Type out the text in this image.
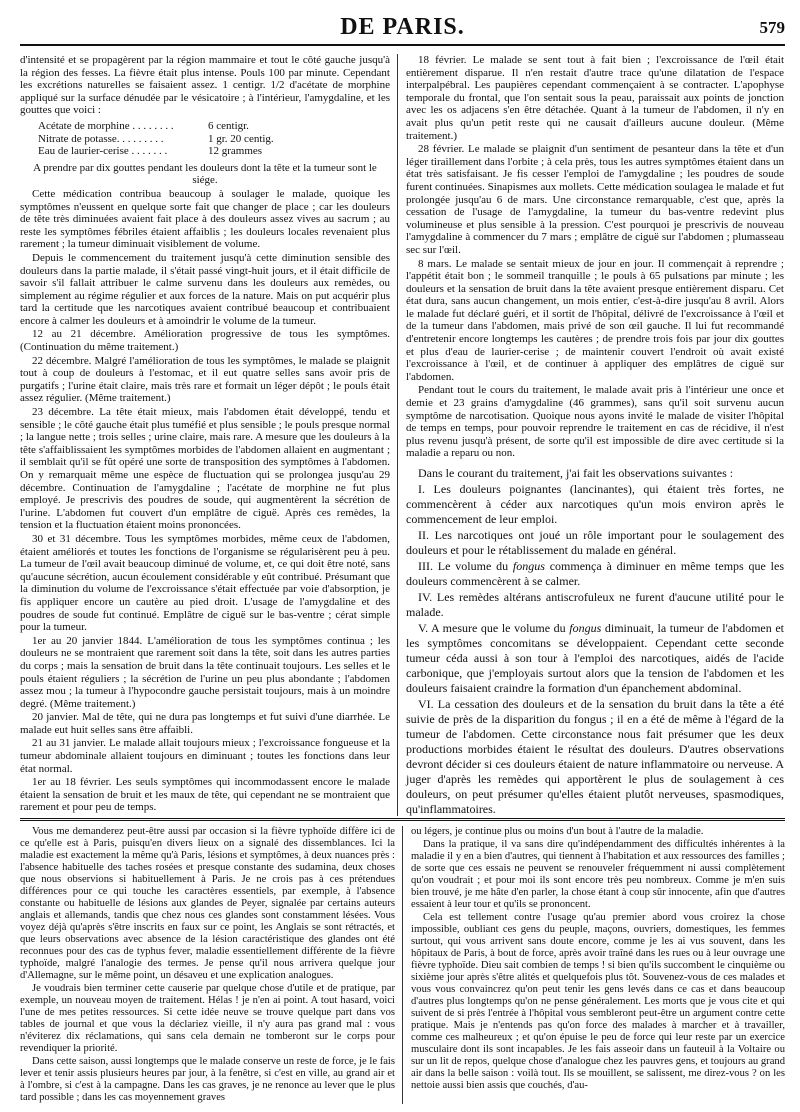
DE PARIS.	579

d'intensité et se propagèrent par la région mammaire et tout le côté gauche jusqu'à la région des fesses. La fièvre était plus intense. Pouls 100 par minute. Cependant les excrétions naturelles se faisaient assez. 1 centigr. 1/2 d'acétate de morphine appliqué sur la surface dénudée par le vésicatoire ; à l'intérieur, l'amygdaline, et les gouttes que voici :

Acétate de morphine . . . . . . . .	6 centigr.
Nitrate de potasse. . . . . . . . .	1 gr. 20 centig.
Eau de laurier-cerise . . . . . . .	12 grammes

A prendre par dix gouttes pendant les douleurs dont la tête et la tumeur sont le siége.

Cette médication contribua beaucoup à soulager le malade, quoique les symptômes n'eussent en quelque sorte fait que changer de place ; car les douleurs de tête très diminuées avaient fait place à des douleurs assez vives au sacrum ; au reste les symptômes fébriles étaient affaiblis ; les douleurs locales revenaient plus rarement ; la tumeur diminuait visiblement de volume.

Depuis le commencement du traitement jusqu'à cette diminution sensible des douleurs dans la partie malade, il s'était passé vingt-huit jours, et il était difficile de savoir s'il fallait attribuer le calme survenu dans les douleurs aux remèdes, ou simplement au régime régulier et aux forces de la nature. Mais on put acquérir plus tard la certitude que les narcotiques avaient contribué beaucoup et contribuaient encore à calmer les douleurs et à amoindrir le volume de la tumeur.

12 au 21 décembre. Amélioration progressive de tous les symptômes. (Continuation du même traitement.)

22 décembre. Malgré l'amélioration de tous les symptômes, le malade se plaignit tout à coup de douleurs à l'estomac, et il eut quatre selles sans avoir pris de purgatifs ; l'urine était claire, mais très rare et formait un léger dépôt ; le pouls était assez régulier. (Même traitement.)

23 décembre. La tête était mieux, mais l'abdomen était développé, tendu et sensible ; le côté gauche était plus tuméfié et plus sensible ; le pouls presque normal ; la langue nette ; trois selles ; urine claire, mais rare. A mesure que les douleurs à la tête s'affaiblissaient les symptômes morbides de l'abdomen allaient en augmentant ; il semblait qu'il se fût opéré une sorte de transposition des symptômes à l'abdomen. On y remarquait même une espèce de fluctuation qui se prolongea jusqu'au 29 décembre. Continuation de l'amygdaline ; l'acétate de morphine ne fut plus employé. Je prescrivis des poudres de soude, qui augmentèrent la sécrétion de l'urine. L'abdomen fut couvert d'un emplâtre de ciguë. Après ces remèdes, la tension et la fluctuation étaient moins prononcées.

30 et 31 décembre. Tous les symptômes morbides, même ceux de l'abdomen, étaient améliorés et toutes les fonctions de l'organisme se régularisèrent peu à peu. La tumeur de l'œil avait beaucoup diminué de volume, et, ce qui doit être noté, sans qu'aucune sécrétion, aucun écoulement considérable y eût contribué. Présumant que la diminution du volume de l'excroissance s'était effectuée par voie d'absorption, je fis appliquer encore un cautère au pied droit. L'usage de l'amygdaline et des poudres de soude fut continué. Emplâtre de ciguë sur le bas-ventre ; cérat simple pour la tumeur.

1er au 20 janvier 1844. L'amélioration de tous les symptômes continua ; les douleurs ne se montraient que rarement soit dans la tête, soit dans les autres parties du corps ; mais la sensation de bruit dans la tête continuait toujours. Les selles et le pouls étaient réguliers ; la sécrétion de l'urine un peu plus abondante ; l'abdomen assez mou ; la tumeur à l'hypocondre gauche persistait toujours, mais à un moindre degré. (Même traitement.)

20 janvier. Mal de tête, qui ne dura pas longtemps et fut suivi d'une diarrhée. Le malade eut huit selles sans être affaibli.

21 au 31 janvier. Le malade allait toujours mieux ; l'excroissance fongueuse et la tumeur abdominale allaient toujours en diminuant ; toutes les fonctions dans leur état normal.

1er au 18 février. Les seuls symptômes qui incommodassent encore le malade étaient la sensation de bruit et les maux de tête, qui cependant ne se montraient que rarement et pour peu de temps.

18 février. Le malade se sent tout à fait bien ; l'excroissance de l'œil était entièrement disparue. Il n'en restait d'autre trace qu'une dilatation de l'espace interpalpébral. Les paupières cependant commençaient à se contracter. L'apophyse temporale du frontal, que l'on sentait sous la peau, paraissait aux points de jonction avec les os adjacens s'en être détachée. Quant à la tumeur de l'abdomen, il n'y en avait plus qu'un petit reste qui ne causait d'ailleurs aucune douleur. (Même traitement.)

28 février. Le malade se plaignit d'un sentiment de pesanteur dans la tête et d'un léger tiraillement dans l'orbite ; à cela près, tous les autres symptômes étaient dans un état très satisfaisant. Je fis cesser l'emploi de l'amygdaline ; les poudres de soude furent continuées. Sinapismes aux mollets. Cette médication soulagea le malade et fut prolongée jusqu'au 6 de mars. Une circonstance remarquable, c'est que, après la cessation de l'usage de l'amygdaline, la tumeur du bas-ventre redevint plus volumineuse et plus sensible à la pression. C'est pourquoi je prescrivis de nouveau l'amygdaline à commencer du 7 mars ; emplâtre de ciguë sur l'abdomen ; plumasseau sec sur l'œil.

8 mars. Le malade se sentait mieux de jour en jour. Il commençait à reprendre ; l'appétit était bon ; le sommeil tranquille ; le pouls à 65 pulsations par minute ; les douleurs et la sensation de bruit dans la tête avaient presque entièrement disparu. Cet état dura, sans aucun changement, un mois entier, c'est-à-dire jusqu'au 8 avril. Alors le malade fut déclaré guéri, et il sortit de l'hôpital, délivré de l'excroissance à l'œil et de la tumeur dans l'abdomen, mais privé de son œil gauche. Il lui fut recommandé d'entretenir encore longtemps les cautères ; de prendre trois fois par jour dix gouttes et plus d'eau de laurier-cerise ; de maintenir couvert l'endroit où avait existé l'excroissance à l'œil, et de continuer à appliquer des emplâtres de ciguë sur l'abdomen.

Pendant tout le cours du traitement, le malade avait pris à l'intérieur une once et demie et 23 grains d'amygdaline (46 grammes), sans qu'il soit survenu aucun symptôme de narcotisation. Quoique nous ayons invité le malade de visiter l'hôpital de temps en temps, pour pouvoir reprendre le traitement en cas de récidive, il n'est plus revenu jusqu'à présent, de sorte qu'il est impossible de dire avec certitude si la maladie a reparu ou non.

Dans le courant du traitement, j'ai fait les observations suivantes :

I. Les douleurs poignantes (lancinantes), qui étaient très fortes, ne commencèrent à céder aux narcotiques qu'un mois environ après le commencement de leur emploi.

II. Les narcotiques ont joué un rôle important pour le soulagement des douleurs et pour le rétablissement du malade en général.

III. Le volume du fongus commença à diminuer en même temps que les douleurs commencèrent à se calmer.

IV. Les remèdes altérans antiscrofuleux ne furent d'aucune utilité pour le malade.

V. A mesure que le volume du fongus diminuait, la tumeur de l'abdomen et les symptômes concomitans se développaient. Cependant cette seconde tumeur céda aussi à son tour à l'emploi des narcotiques, aidés de l'acide carbonique, que j'employais surtout alors que la tension de l'abdomen et les douleurs faisaient craindre la formation d'un épanchement abdominal.

VI. La cessation des douleurs et de la sensation du bruit dans la tête a été suivie de près de la disparition du fongus ; il en a été de même à l'égard de la tumeur de l'abdomen. Cette circonstance nous fait présumer que les deux productions morbides étaient le résultat des douleurs. D'autres observations devront décider si ces douleurs étaient de nature inflammatoire ou nerveuse. A juger d'après les remèdes qui apportèrent le plus de soulagement à ces douleurs, on peut présumer qu'elles étaient plutôt nerveuses, spasmodiques, qu'inflammatoires.

Vous me demanderez peut-être aussi par occasion si la fièvre typhoïde diffère ici de ce qu'elle est à Paris, puisqu'en divers lieux on a signalé des dissemblances. Ici la maladie est exactement la même qu'à Paris, lésions et symptômes, à deux nuances près : l'absence habituelle des taches rosées et presque constante des sudamina, deux choses que nous observions si habituellement à Paris. Je ne crois pas à ces prétendues différences pour ce qui touche les caractères essentiels, par exemple, à l'absence constante ou habituelle de lésions aux glandes de Peyer, signalée par certains auteurs anglais et allemands, tandis que chez nous ces glandes sont constamment lésées. Vous voyez déjà qu'après s'être inscrits en faux sur ce point, les Anglais se sont rétractés, et que leurs observations avec absence de la lésion caractéristique des glandes ont été reconnues pour des cas de typhus fever, maladie essentiellement différente de la fièvre typhoïde, malgré l'analogie des termes. Je pense qu'il nous arrivera quelque jour d'Allemagne, sur le même point, un désaveu et une explication analogues.

Je voudrais bien terminer cette causerie par quelque chose d'utile et de pratique, par exemple, un nouveau moyen de traitement. Hélas ! je n'en ai point. A tout hasard, voici l'une de mes petites ressources. Si cette idée neuve se trouve quelque part dans vos tables de journal et que vous la déclariez vieille, il n'y aura pas grand mal : vous n'éviterez dix réclamations, qui sans cela demain ne tomberont sur le corps pour revendiquer la priorité.

Dans cette saison, aussi longtemps que le malade conserve un reste de force, je le fais lever et tenir assis plusieurs heures par jour, à la fenêtre, si c'est en ville, au grand air et à l'ombre, si c'est à la campagne. Dans les cas graves, je ne renonce au lever que le plus tard possible ; dans les cas moyennement graves

ou légers, je continue plus ou moins d'un bout à l'autre de la maladie.

Dans la pratique, il va sans dire qu'indépendamment des difficultés inhérentes à la maladie il y en a bien d'autres, qui tiennent à l'habitation et aux ressources des familles ; de sorte que ces essais ne peuvent se renouveler fréquemment ni aussi complètement qu'on voudrait ; et pour moi ils sont encore très peu nombreux. Comme je m'en suis bien trouvé, je me hâte d'en parler, la chose étant à coup sûr innocente, afin que d'autres essaient à leur tour et qu'ils se prononcent.

Cela est tellement contre l'usage qu'au premier abord vous croirez la chose impossible, oubliant ces gens du peuple, maçons, ouvriers, domestiques, les femmes surtout, qui vous arrivent sans doute encore, comme je les ai vus souvent, dans les hôpitaux de Paris, à bout de force, après avoir traîné dans les rues ou à leur ouvrage une fièvre typhoïde. Dieu sait combien de temps ! si bien qu'ils succombent le cinquième ou sixième jour après s'être alités et quelquefois plus tôt. Souvenez-vous de ces malades et vous vous convaincrez qu'on peut tenir les gens levés dans ce cas et dans beaucoup d'autres plus longtemps qu'on ne pense généralement. Les morts que je vous cite et qui suivent de si près l'entrée à l'hôpital vous sembleront peut-être un argument contre cette pratique. Mais je n'entends pas qu'on force des malades à marcher et à travailler, comme ces malheureux ; et qu'on épuise le peu de force qui leur reste par un exercice musculaire dont ils sont incapables. Je les fais asseoir dans un fauteuil à la Voltaire ou sur un lit de repos, quelque chose d'analogue chez les pauvres gens, et toujours au grand air dans la belle saison : voilà tout. Ils se mouillent, se salissent, me direz-vous ? on les nettoie aussi bien assis que couchés, d'au-
